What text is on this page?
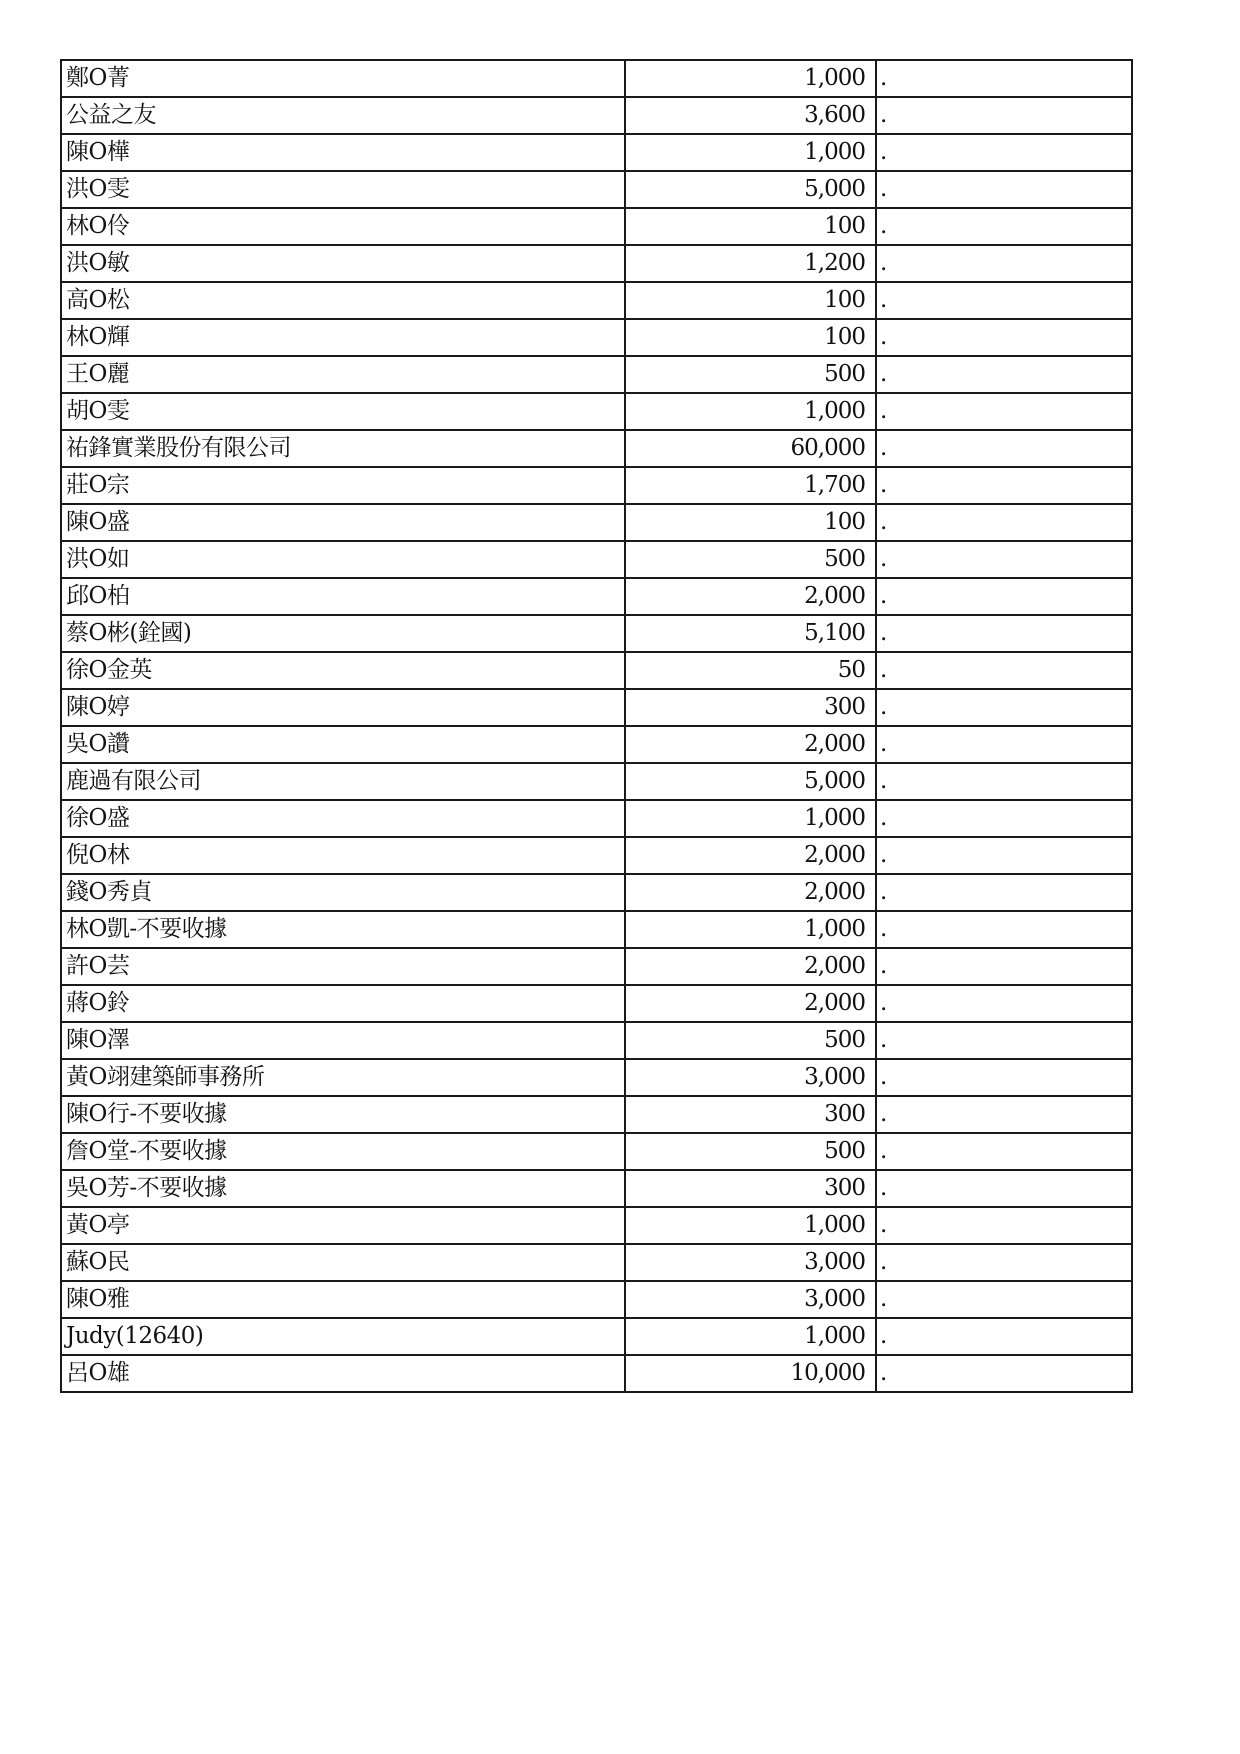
鄭O菁	1,000	.
公益之友	3,600	.
陳O樺	1,000	.
洪O雯	5,000	.
林O伶	100	.
洪O敏	1,200	.
高O松	100	.
林O輝	100	.
王O麗	500	.
胡O雯	1,000	.
祐鋒實業股份有限公司	60,000	.
莊O宗	1,700	.
陳O盛	100	.
洪O如	500	.
邱O柏	2,000	.
蔡O彬(銓國)	5,100	.
徐O金英	50	.
陳O婷	300	.
吳O讚	2,000	.
鹿過有限公司	5,000	.
徐O盛	1,000	.
倪O林	2,000	.
錢O秀貞	2,000	.
林O凱-不要收據	1,000	.
許O芸	2,000	.
蔣O鈴	2,000	.
陳O澤	500	.
黃O翊建築師事務所	3,000	.
陳O行-不要收據	300	.
詹O堂-不要收據	500	.
吳O芳-不要收據	300	.
黃O亭	1,000	.
蘇O民	3,000	.
陳O雅	3,000	.
Judy(12640)	1,000	.
呂O雄	10,000	.
